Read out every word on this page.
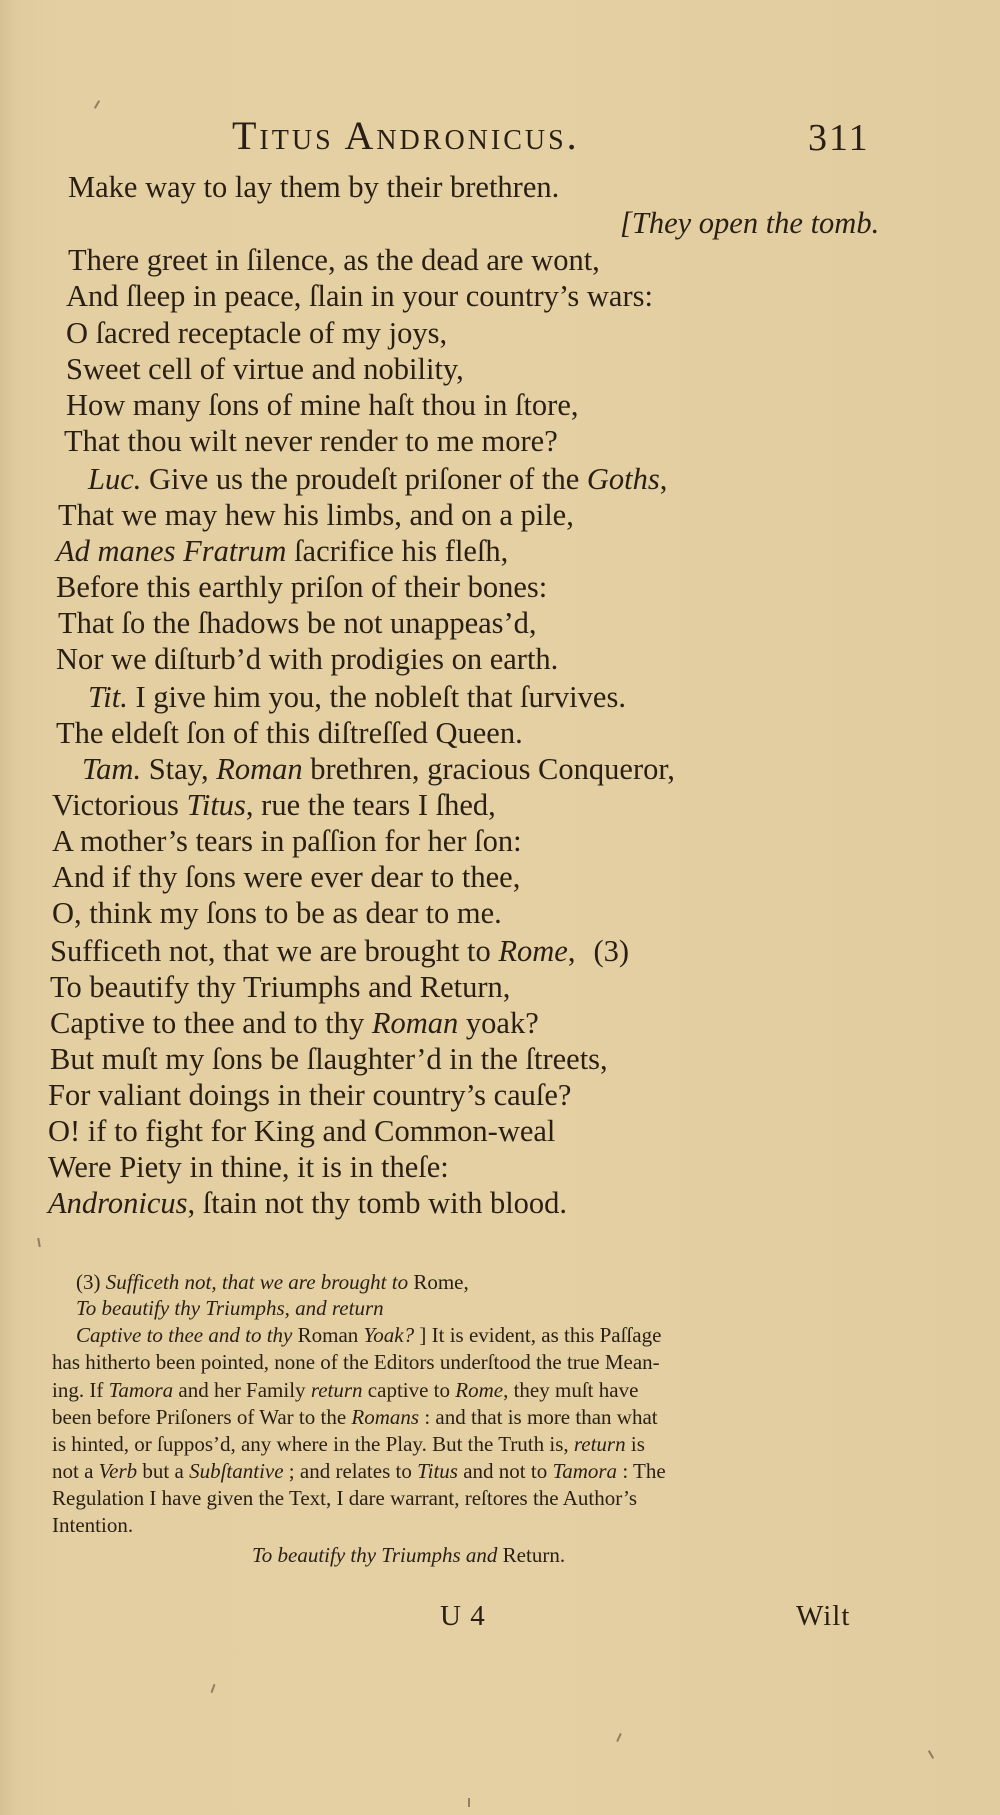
Titus Andronicus.	311
Make way to lay them by their brethren.
[They open the tomb.
There greet in ſilence, as the dead are wont,
And ſleep in peace, ſlain in your country’s wars:
O ſacred receptacle of my joys,
Sweet cell of virtue and nobility,
How many ſons of mine haſt thou in ſtore,
That thou wilt never render to me more?
Luc. Give us the proudeſt priſoner of the Goths,
That we may hew his limbs, and on a pile,
Ad manes Fratrum ſacrifice his fleſh,
Before this earthly priſon of their bones:
That ſo the ſhadows be not unappeas’d,
Nor we diſturb’d with prodigies on earth.
Tit. I give him you, the nobleſt that ſurvives.
The eldeſt ſon of this diſtreſſed Queen.
Tam. Stay, Roman brethren, gracious Conqueror,
Victorious Titus, rue the tears I ſhed,
A mother’s tears in paſſion for her ſon:
And if thy ſons were ever dear to thee,
O, think my ſons to be as dear to me.
Sufficeth not, that we are brought to Rome, (3)
To beautify thy Triumphs and Return,
Captive to thee and to thy Roman yoak?
But muſt my ſons be ſlaughter’d in the ſtreets,
For valiant doings in their country’s cauſe?
O! if to fight for King and Common-weal
Were Piety in thine, it is in theſe:
Andronicus, ſtain not thy tomb with blood.
(3) Sufficeth not, that we are brought to Rome,
To beautify thy Triumphs, and return
Captive to thee and to thy Roman Yoak? ] It is evident, as this Paſſage
has hitherto been pointed, none of the Editors underſtood the true Mean-
ing. If Tamora and her Family return captive to Rome, they muſt have
been before Priſoners of War to the Romans : and that is more than what
is hinted, or ſuppos’d, any where in the Play. But the Truth is, return is
not a Verb but a Subſtantive ; and relates to Titus and not to Tamora : The
Regulation I have given the Text, I dare warrant, reſtores the Author’s
Intention.
To beautify thy Triumphs and Return.
U 4	Wilt
